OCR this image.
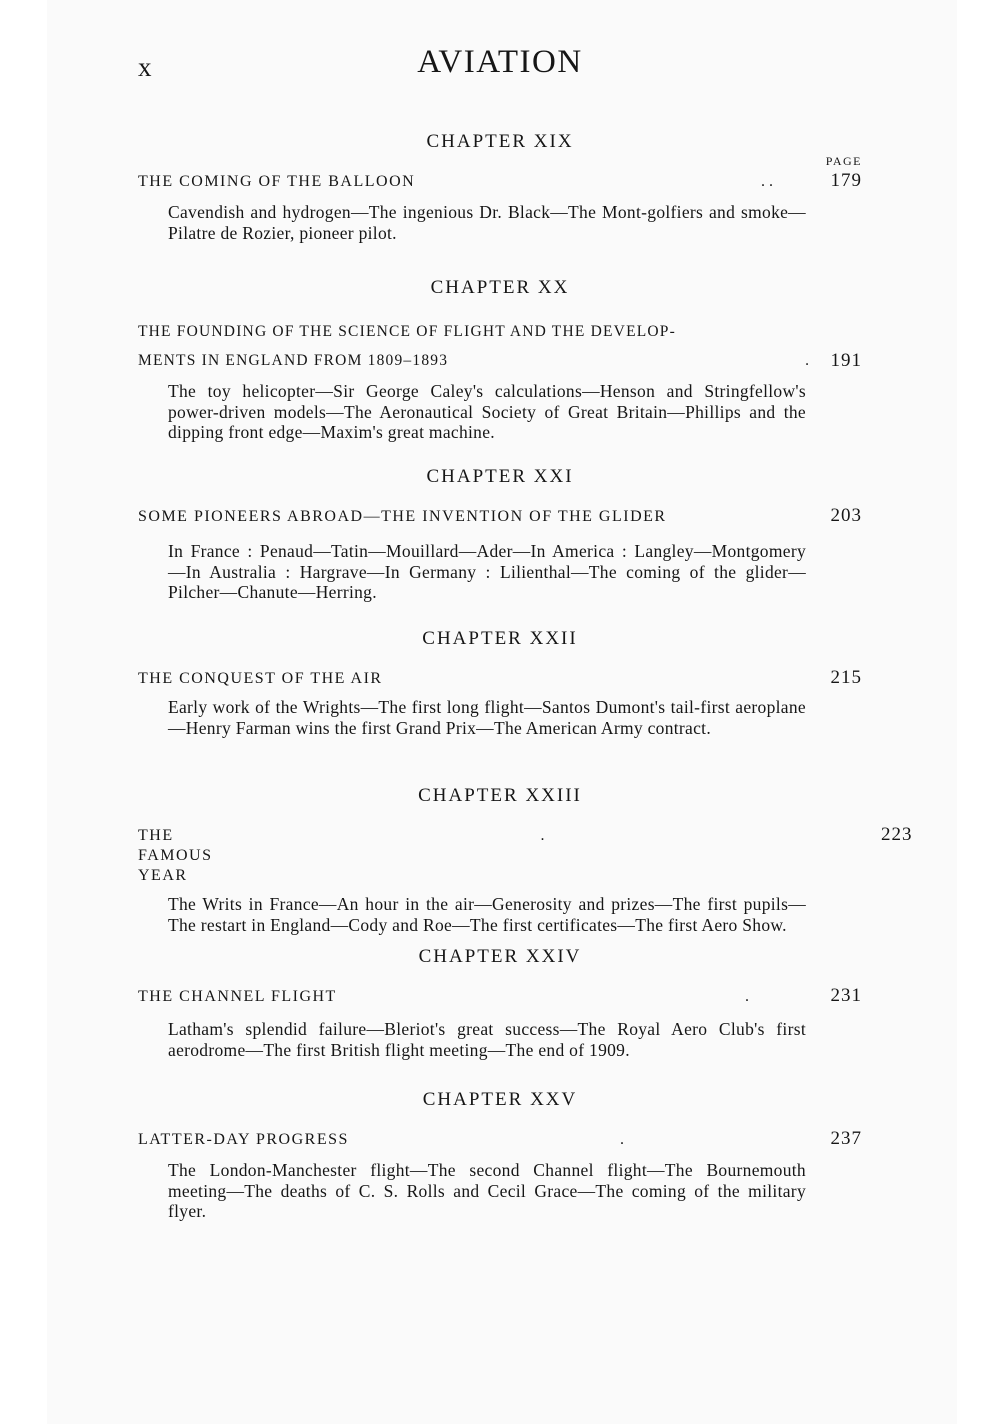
x	AVIATION
PAGE
CHAPTER XIX
THE COMING OF THE BALLOON	. .	179
Cavendish and hydrogen—The ingenious Dr. Black—The Mont-golfiers and smoke—Pilatre de Rozier, pioneer pilot.
CHAPTER XX
THE FOUNDING OF THE SCIENCE OF FLIGHT AND THE DEVELOP-
MENTS IN ENGLAND FROM 1809–1893	.	191
The toy helicopter—Sir George Caley's calculations—Henson and Stringfellow's power-driven models—The Aeronautical Society of Great Britain—Phillips and the dipping front edge—Maxim's great machine.
CHAPTER XXI
SOME PIONEERS ABROAD—THE INVENTION OF THE GLIDER	203
In France : Penaud—Tatin—Mouillard—Ader—In America : Langley—Montgomery—In Australia : Hargrave—In Germany : Lilienthal—The coming of the glider—Pilcher—Chanute—Herring.
CHAPTER XXII
THE CONQUEST OF THE AIR	215
Early work of the Wrights—The first long flight—Santos Dumont's tail-first aeroplane—Henry Farman wins the first Grand Prix—The American Army contract.
CHAPTER XXIII
THE FAMOUS YEAR
.	223
The Writs in France—An hour in the air—Generosity and prizes—The first pupils—The restart in England—Cody and Roe—The first certificates—The first Aero Show.
CHAPTER XXIV
THE CHANNEL FLIGHT	.	231
Latham's splendid failure—Bleriot's great success—The Royal Aero Club's first aerodrome—The first British flight meeting—The end of 1909.
CHAPTER XXV
LATTER-DAY PROGRESS	.	237
The London-Manchester flight—The second Channel flight—The Bournemouth meeting—The deaths of C. S. Rolls and Cecil Grace—The coming of the military flyer.
